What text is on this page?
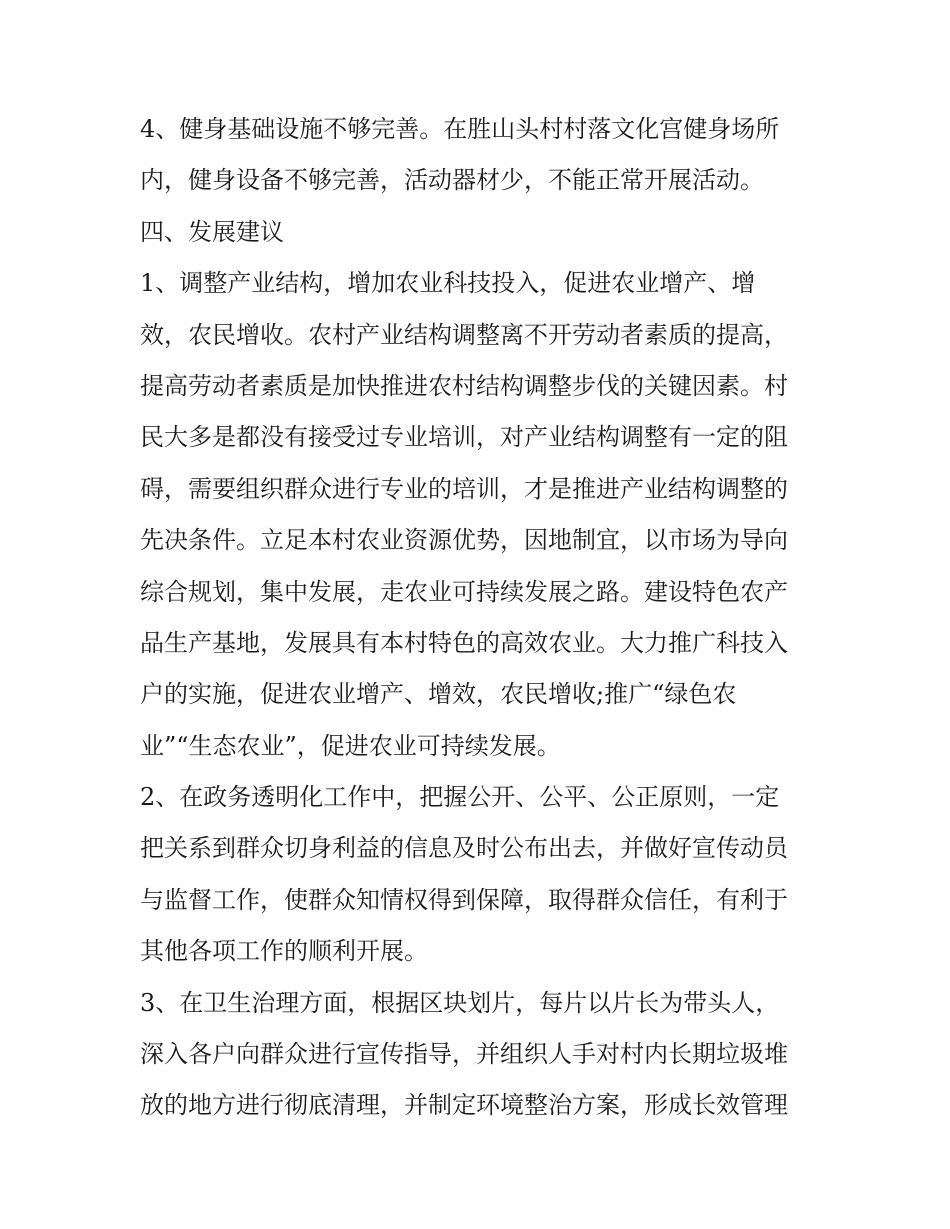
4、健身基础设施不够完善。在胜山头村村落文化宫健身场所
内，健身设备不够完善，活动器材少，不能正常开展活动。
四、发展建议
1、调整产业结构，增加农业科技投入，促进农业增产、增
效，农民增收。农村产业结构调整离不开劳动者素质的提高，
提高劳动者素质是加快推进农村结构调整步伐的关键因素。村
民大多是都没有接受过专业培训，对产业结构调整有一定的阻
碍，需要组织群众进行专业的培训，才是推进产业结构调整的
先决条件。立足本村农业资源优势，因地制宜，以市场为导向
综合规划，集中发展，走农业可持续发展之路。建设特色农产
品生产基地，发展具有本村特色的高效农业。大力推广科技入
户的实施，促进农业增产、增效，农民增收;推广“绿色农
业”“生态农业”，促进农业可持续发展。
2、在政务透明化工作中，把握公开、公平、公正原则，一定
把关系到群众切身利益的信息及时公布出去，并做好宣传动员
与监督工作，使群众知情权得到保障，取得群众信任，有利于
其他各项工作的顺利开展。
3、在卫生治理方面，根据区块划片，每片以片长为带头人，
深入各户向群众进行宣传指导，并组织人手对村内长期垃圾堆
放的地方进行彻底清理，并制定环境整治方案，形成长效管理
